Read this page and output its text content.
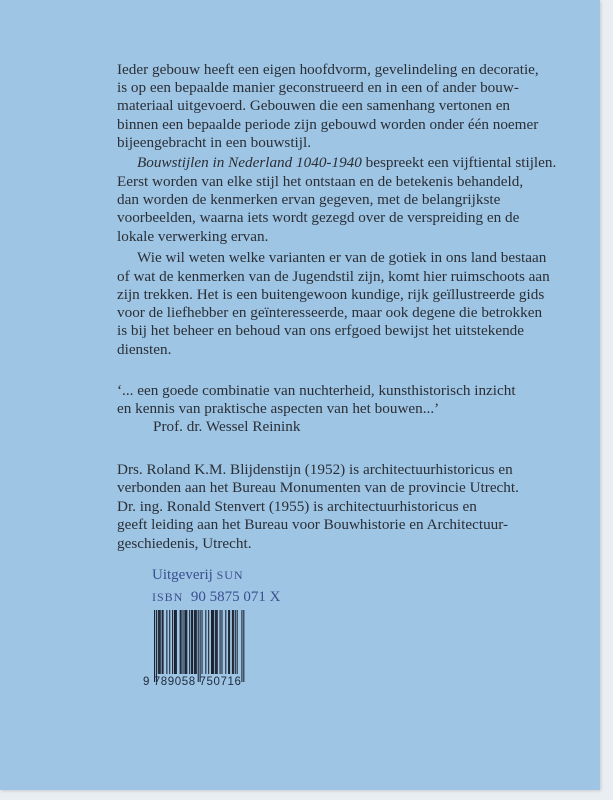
Ieder gebouw heeft een eigen hoofdvorm, gevelindeling en decoratie,
is op een bepaalde manier geconstrueerd en in een of ander bouw-
materiaal uitgevoerd. Gebouwen die een samenhang vertonen en
binnen een bepaalde periode zijn gebouwd worden onder één noemer
bijeengebracht in een bouwstijl.
Bouwstijlen in Nederland 1040-1940 bespreekt een vijftiental stijlen.
Eerst worden van elke stijl het ontstaan en de betekenis behandeld,
dan worden de kenmerken ervan gegeven, met de belangrijkste
voorbeelden, waarna iets wordt gezegd over de verspreiding en de
lokale verwerking ervan.
Wie wil weten welke varianten er van de gotiek in ons land bestaan
of wat de kenmerken van de Jugendstil zijn, komt hier ruimschoots aan
zijn trekken. Het is een buitengewoon kundige, rijk geïllustreerde gids
voor de liefhebber en geïnteresseerde, maar ook degene die betrokken
is bij het beheer en behoud van ons erfgoed bewijst het uitstekende
diensten.
‘... een goede combinatie van nuchterheid, kunsthistorisch inzicht
en kennis van praktische aspecten van het bouwen...’
Prof. dr. Wessel Reinink
Drs. Roland K.M. Blijdenstijn (1952) is architectuurhistoricus en
verbonden aan het Bureau Monumenten van de provincie Utrecht.
Dr. ing. Ronald Stenvert (1955) is architectuurhistoricus en
geeft leiding aan het Bureau voor Bouwhistorie en Architectuur-
geschiedenis, Utrecht.
Uitgeverij SUN
ISBN 90 5875 071 X
9 789058 750716
